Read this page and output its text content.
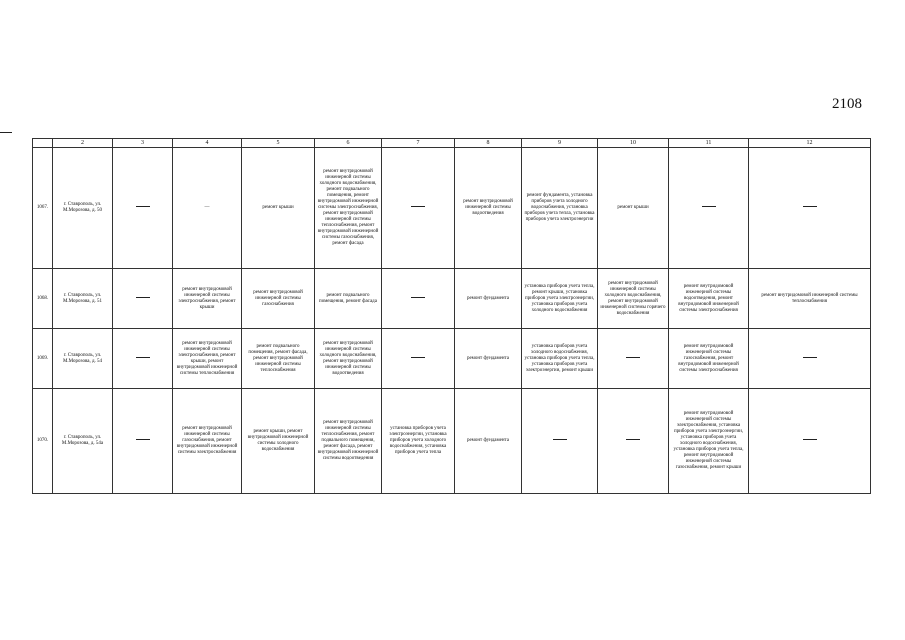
2108
	2	3	4	5	6	7	8	9	10	11	12
1067.	г. Ставрополь, ул. М.Морозова, д. 50		—	ремонт крыши	ремонт внутридомовой инженерной системы холодного водоснабжения, ремонт подвального помещения, ремонт внутридомовой инженерной системы электроснабжения, ремонт внутридомовой инженерной системы теплоснабжения, ремонт внутридомовой инженерной системы газоснабжения, ремонт фасада		ремонт внутридомовой инженерной системы водоотведения	ремонт фундамента, установка приборов учета холодного водоснабжения, установка приборов учета тепла, установка приборов учета электроэнергии	ремонт крыши		
1068.	г. Ставрополь, ул. М.Морозова, д. 51		ремонт внутридомовой инженерной системы электроснабжения, ремонт крыши	ремонт внутридомовой инженерной системы газоснабжения	ремонт подвального помещения, ремонт фасада		ремонт фундамента	установка приборов учета тепла, ремонт крыши, установка приборов учета электроэнергии, установка приборов учета холодного водоснабжения	ремонт внутридомовой инженерной системы холодного водоснабжения, ремонт внутридомовой инженерной системы горячего водоснабжения	ремонт внутридомовой инженерной системы водоотведения, ремонт внутридомовой инженерной системы электроснабжения	ремонт внутридомовой инженерной системы теплоснабжения
1069.	г. Ставрополь, ул. М.Морозова, д. 54		ремонт внутридомовой инженерной системы электроснабжения, ремонт крыши, ремонт внутридомовой инженерной системы теплоснабжения	ремонт подвального помещения, ремонт фасада, ремонт внутридомовой инженерной системы теплоснабжения	ремонт внутридомовой инженерной системы холодного водоснабжения, ремонт внутридомовой инженерной системы водоотведения		ремонт фундамента	установка приборов учета холодного водоснабжения, установка приборов учета тепла, установка приборов учета электроэнергии, ремонт крыши		ремонт внутридомовой инженерной системы газоснабжения, ремонт внутридомовой инженерной системы электроснабжения	
1070.	г. Ставрополь, ул. М.Морозова, д. 54а		ремонт внутридомовой инженерной системы газоснабжения, ремонт внутридомовой инженерной системы электроснабжения	ремонт крыши, ремонт внутридомовой инженерной системы холодного водоснабжения	ремонт внутридомовой инженерной системы теплоснабжения, ремонт подвального помещения, ремонт фасада, ремонт внутридомовой инженерной системы водоотведения	установка приборов учета электроэнергии, установка приборов учета холодного водоснабжения, установка приборов учета тепла	ремонт фундамента			ремонт внутридомовой инженерной системы электроснабжения, установка приборов учета электроэнергии, установка приборов учета холодного водоснабжения, установка приборов учета тепла, ремонт внутридомовой инженерной системы газоснабжения, ремонт крыши	
